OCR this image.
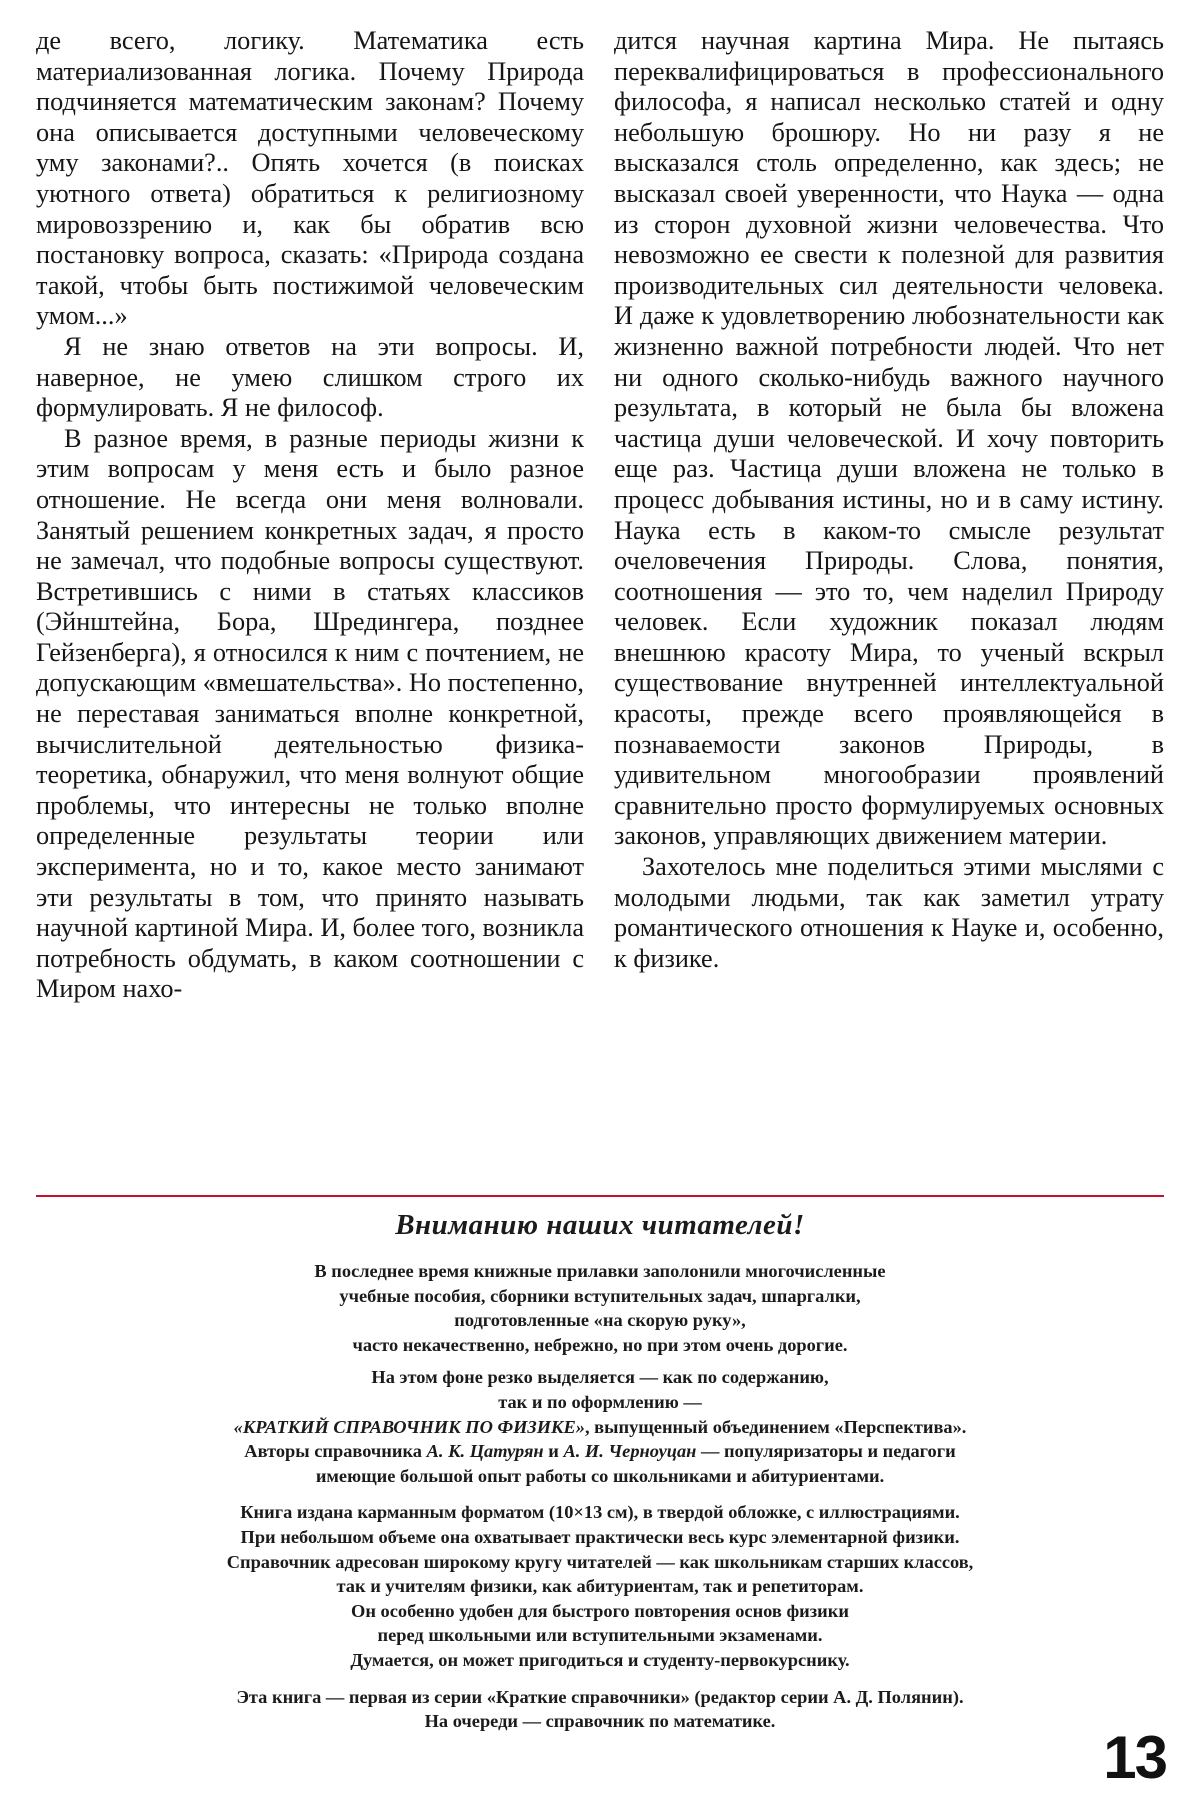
де всего, логику. Математика есть материализованная логика. Почему Природа подчиняется математическим законам? Почему она описывается доступными человеческому уму законами?.. Опять хочется (в поисках уютного ответа) обратиться к религиозному мировоззрению и, как бы обратив всю постановку вопроса, сказать: «Природа создана такой, чтобы быть постижимой человеческим умом...»

Я не знаю ответов на эти вопросы. И, наверное, не умею слишком строго их формулировать. Я не философ.

В разное время, в разные периоды жизни к этим вопросам у меня есть и было разное отношение. Не всегда они меня волновали. Занятый решением конкретных задач, я просто не замечал, что подобные вопросы существуют. Встретившись с ними в статьях классиков (Эйнштейна, Бора, Шредингера, позднее Гейзенберга), я относился к ним с почтением, не допускающим «вмешательства». Но постепенно, не переставая заниматься вполне конкретной, вычислительной деятельностью физика-теоретика, обнаружил, что меня волнуют общие проблемы, что интересны не только вполне определенные результаты теории или эксперимента, но и то, какое место занимают эти результаты в том, что принято называть научной картиной Мира. И, более того, возникла потребность обдумать, в каком соотношении с Миром нахо-

дится научная картина Мира. Не пытаясь переквалифицироваться в профессионального философа, я написал несколько статей и одну небольшую брошюру. Но ни разу я не высказался столь определенно, как здесь; не высказал своей уверенности, что Наука — одна из сторон духовной жизни человечества. Что невозможно ее свести к полезной для развития производительных сил деятельности человека. И даже к удовлетворению любознательности как жизненно важной потребности людей. Что нет ни одного сколько-нибудь важного научного результата, в который не была бы вложена частица души человеческой. И хочу повторить еще раз. Частица души вложена не только в процесс добывания истины, но и в саму истину. Наука есть в каком-то смысле результат очеловечения Природы. Слова, понятия, соотношения — это то, чем наделил Природу человек. Если художник показал людям внешнюю красоту Мира, то ученый вскрыл существование внутренней интеллектуальной красоты, прежде всего проявляющейся в познаваемости законов Природы, в удивительном многообразии проявлений сравнительно просто формулируемых основных законов, управляющих движением материи.

Захотелось мне поделиться этими мыслями с молодыми людьми, так как заметил утрату романтического отношения к Науке и, особенно, к физике.

Вниманию наших читателей!
В последнее время книжные прилавки заполонили многочисленные
учебные пособия, сборники вступительных задач, шпаргалки,
подготовленные «на скорую руку»,
часто некачественно, небрежно, но при этом очень дорогие.
На этом фоне резко выделяется — как по содержанию,
так и по оформлению —
«КРАТКИЙ СПРАВОЧНИК ПО ФИЗИКЕ», выпущенный объединением «Перспектива».
Авторы справочника А. К. Цатурян и А. И. Черноуцан — популяризаторы и педагоги
имеющие большой опыт работы со школьниками и абитуриентами.
Книга издана карманным форматом (10×13 см), в твердой обложке, с иллюстрациями.
При небольшом объеме она охватывает практически весь курс элементарной физики.
Справочник адресован широкому кругу читателей — как школьникам старших классов,
так и учителям физики, как абитуриентам, так и репетиторам.
Он особенно удобен для быстрого повторения основ физики
перед школьными или вступительными экзаменами.
Думается, он может пригодиться и студенту-первокурснику.
Эта книга — первая из серии «Краткие справочники» (редактор серии А. Д. Полянин).
На очереди — справочник по математике.
13
